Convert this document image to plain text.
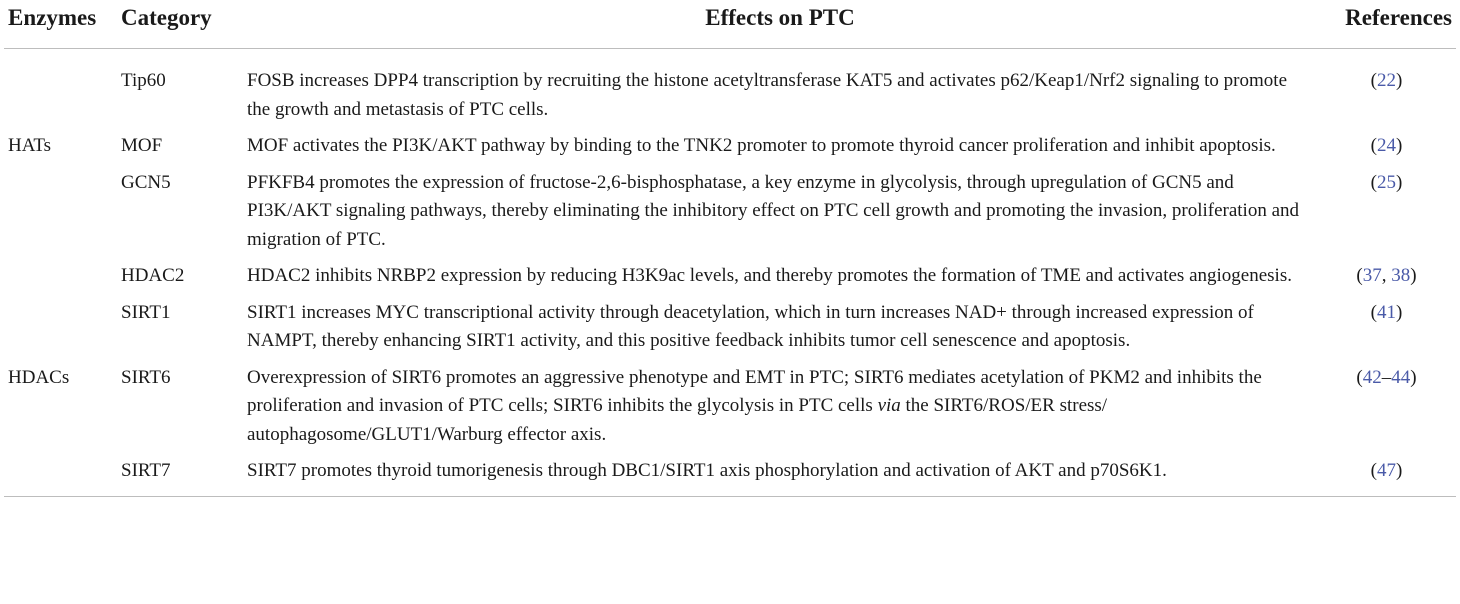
Enzymes	Category	Effects on PTC	References
	Tip60	FOSB increases DPP4 transcription by recruiting the histone acetyltransferase KAT5 and activates p62/Keap1/Nrf2 signaling to promote the growth and metastasis of PTC cells.	(22)
HATs	MOF	MOF activates the PI3K/AKT pathway by binding to the TNK2 promoter to promote thyroid cancer proliferation and inhibit apoptosis.	(24)
	GCN5	PFKFB4 promotes the expression of fructose-2,6-bisphosphatase, a key enzyme in glycolysis, through upregulation of GCN5 and PI3K/AKT signaling pathways, thereby eliminating the inhibitory effect on PTC cell growth and promoting the invasion, proliferation and migration of PTC.	(25)
	HDAC2	HDAC2 inhibits NRBP2 expression by reducing H3K9ac levels, and thereby promotes the formation of TME and activates angiogenesis.	(37, 38)
	SIRT1	SIRT1 increases MYC transcriptional activity through deacetylation, which in turn increases NAD+ through increased expression of NAMPT, thereby enhancing SIRT1 activity, and this positive feedback inhibits tumor cell senescence and apoptosis.	(41)
HDACs	SIRT6	Overexpression of SIRT6 promotes an aggressive phenotype and EMT in PTC; SIRT6 mediates acetylation of PKM2 and inhibits the proliferation and invasion of PTC cells; SIRT6 inhibits the glycolysis in PTC cells via the SIRT6/ROS/ER stress/ autophagosome/GLUT1/Warburg effector axis.	(42–44)
	SIRT7	SIRT7 promotes thyroid tumorigenesis through DBC1/SIRT1 axis phosphorylation and activation of AKT and p70S6K1.	(47)
